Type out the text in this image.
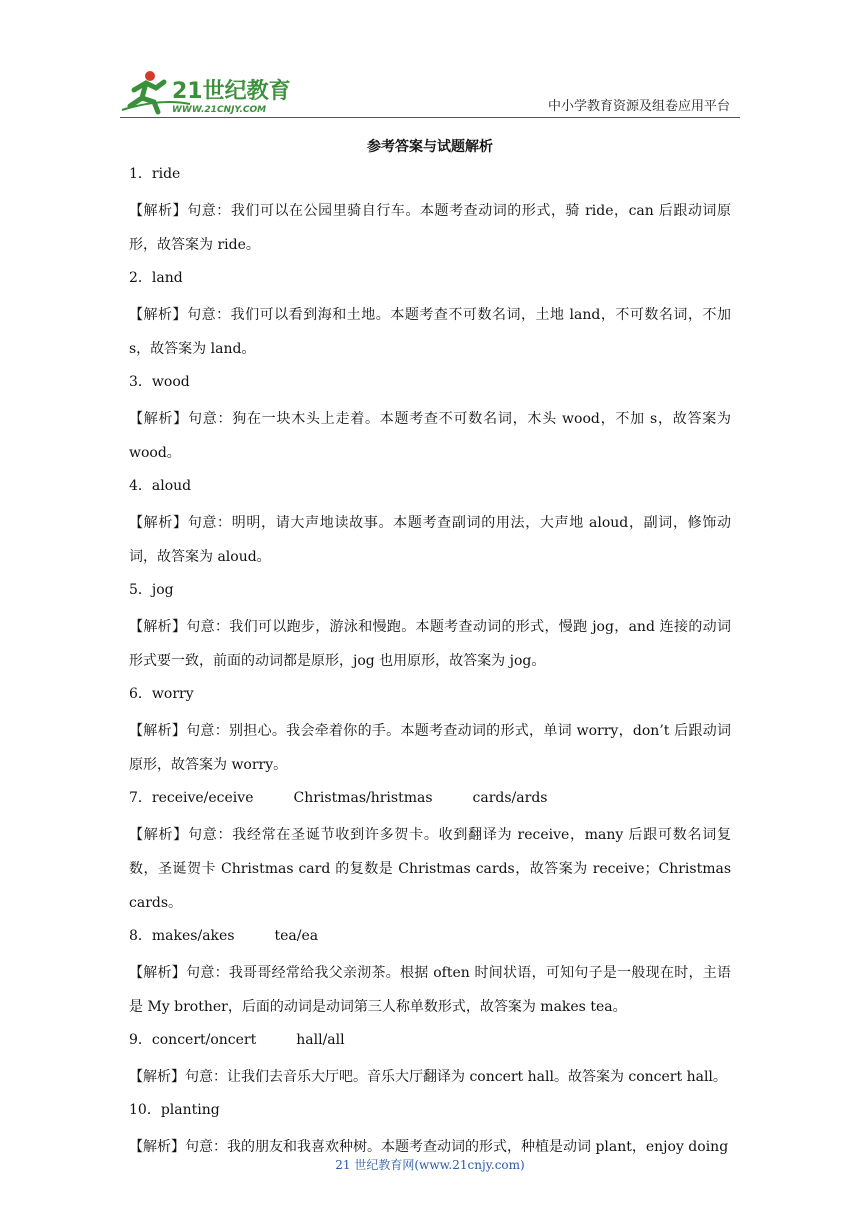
21世纪教育
WWW.21CNJY.COM	中小学教育资源及组卷应用平台
参考答案与试题解析
1．ride
【解析】句意：我们可以在公园里骑自行车。本题考查动词的形式，骑 ride，can 后跟动词原形，故答案为 ride。
2．land
【解析】句意：我们可以看到海和土地。本题考查不可数名词，土地 land，不可数名词，不加 s，故答案为 land。
3．wood
【解析】句意：狗在一块木头上走着。本题考查不可数名词，木头 wood，不加 s，故答案为 wood。
4．aloud
【解析】句意：明明，请大声地读故事。本题考查副词的用法，大声地 aloud，副词，修饰动词，故答案为 aloud。
5．jog
【解析】句意：我们可以跑步，游泳和慢跑。本题考查动词的形式，慢跑 jog，and 连接的动词形式要一致，前面的动词都是原形，jog 也用原形，故答案为 jog。
6．worry
【解析】句意：别担心。我会牵着你的手。本题考查动词的形式，单词 worry，don’t 后跟动词原形，故答案为 worry。
7．receive/eceive	Christmas/hristmas	cards/ards
【解析】句意：我经常在圣诞节收到许多贺卡。收到翻译为 receive，many 后跟可数名词复数，圣诞贺卡 Christmas card 的复数是 Christmas cards，故答案为 receive；Christmas cards。
8．makes/akes	tea/ea
【解析】句意：我哥哥经常给我父亲沏茶。根据 often 时间状语，可知句子是一般现在时，主语是 My brother，后面的动词是动词第三人称单数形式，故答案为 makes tea。
9．concert/oncert	hall/all
【解析】句意：让我们去音乐大厅吧。音乐大厅翻译为 concert hall。故答案为 concert hall。
10．planting
【解析】句意：我的朋友和我喜欢种树。本题考查动词的形式，种植是动词 plant，enjoy doing
21 世纪教育网(www.21cnjy.com)
